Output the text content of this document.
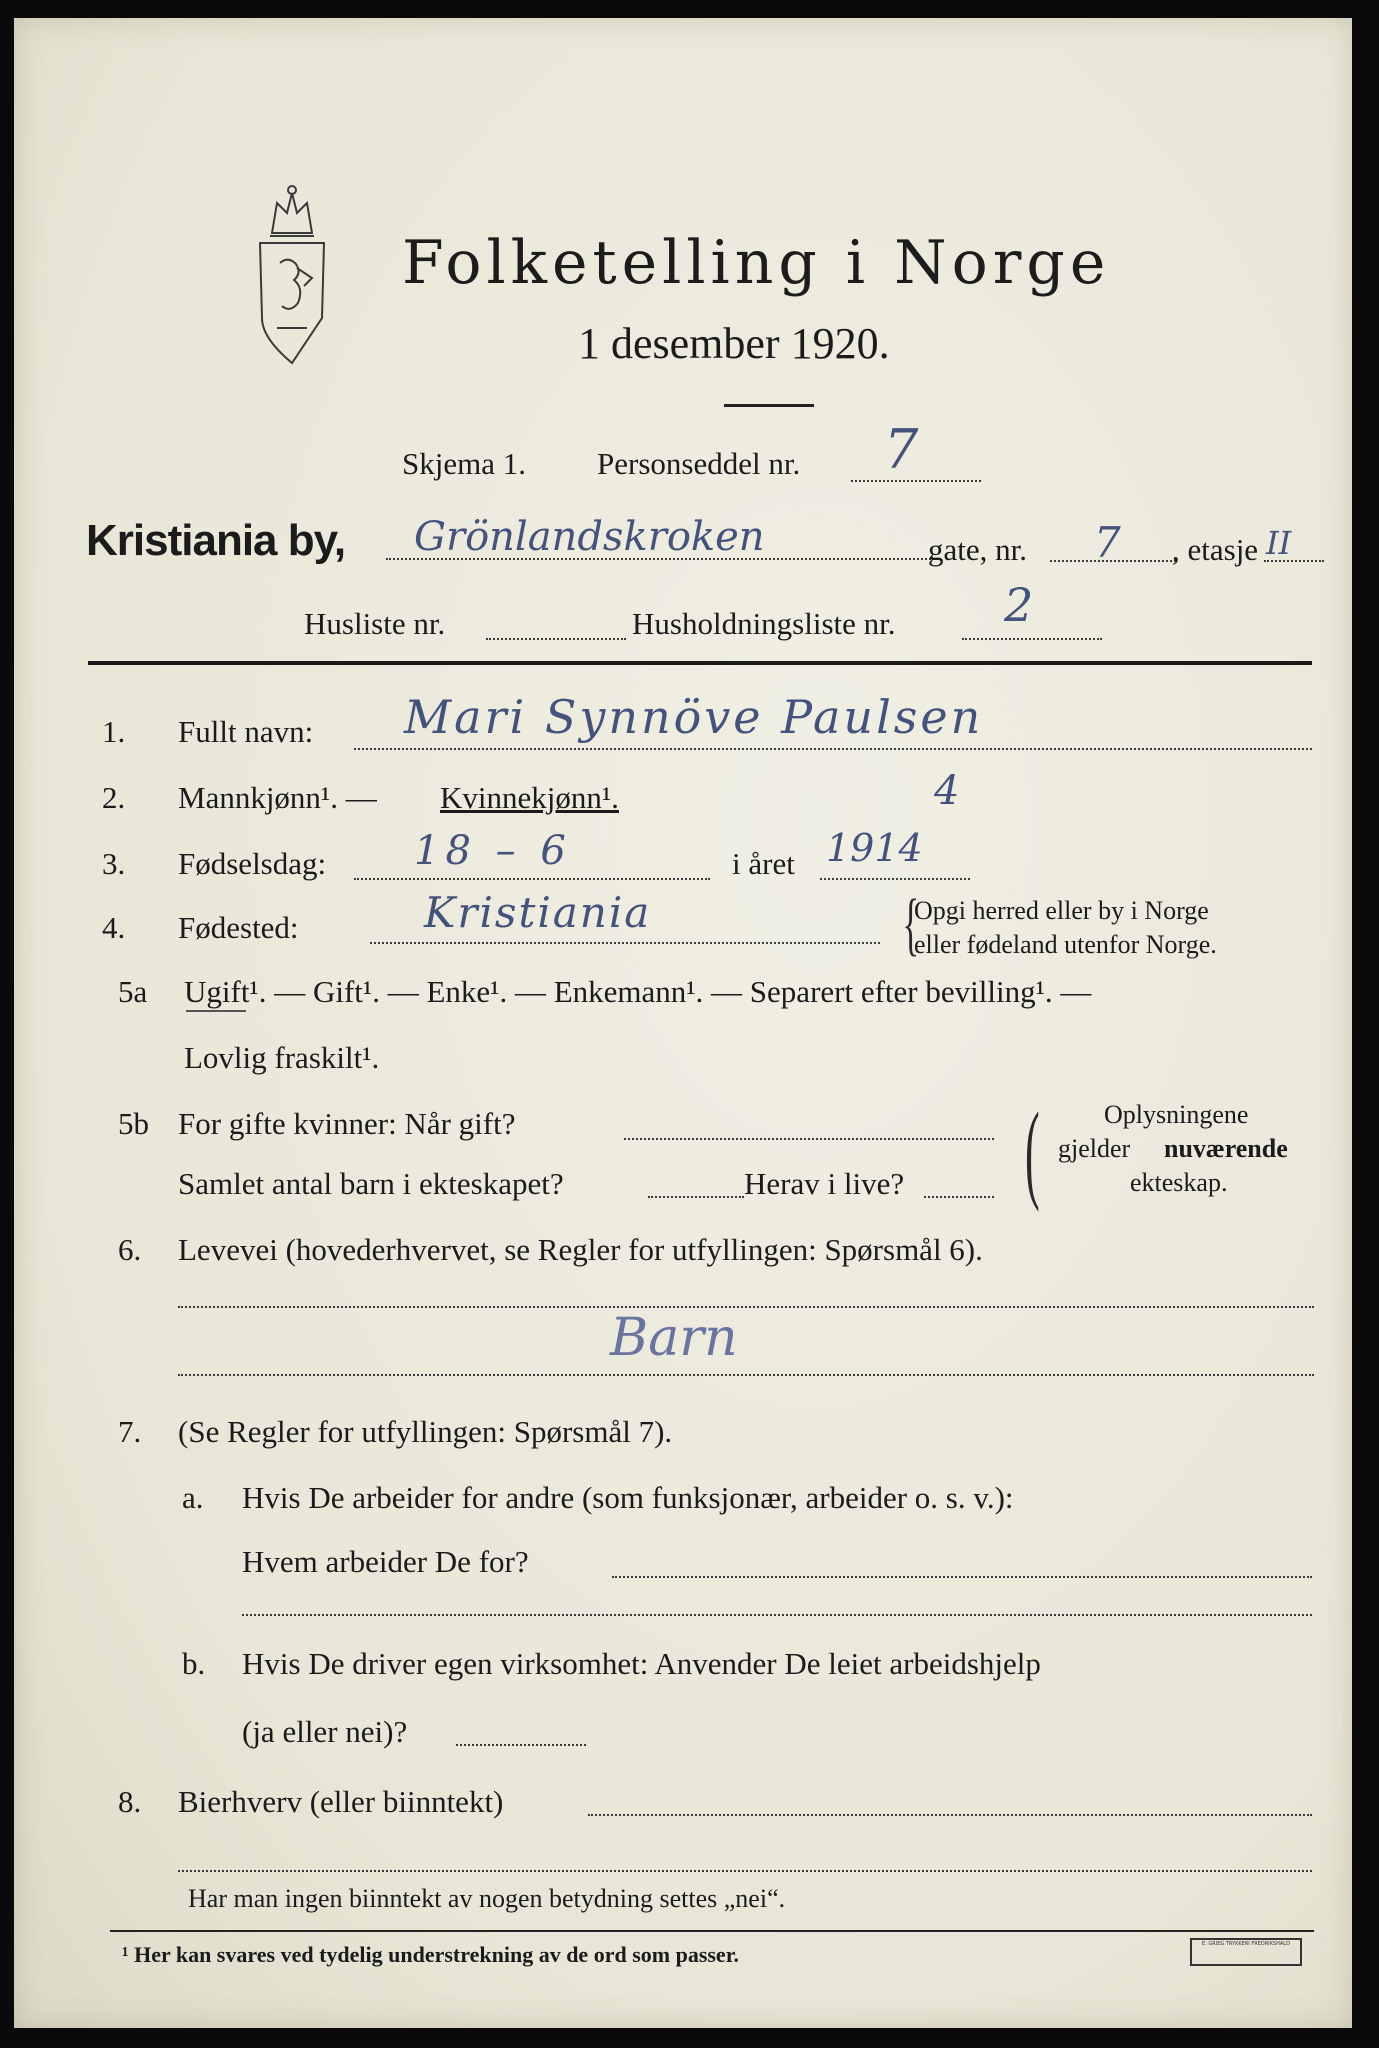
Folketelling i Norge
1 desember 1920.
Skjema 1. Personseddel nr. 7
Kristiania by, Grönlandskroken	gate, nr. 7 , etasje II
Husliste nr.	Husholdningsliste nr. 2
1. Fullt navn: Mari Synnöve Paulsen
2. Mannkjønn¹. — Kvinnekjønn¹.	4
3. Fødselsdag: 18 – 6	i året 1914
4. Fødested:	Kristiania	{
Opgi herred eller by i Norge
eller fødeland utenfor Norge.
5a Ugift¹. — Gift¹. — Enke¹. — Enkemann¹. — Separert efter bevilling¹. —
Lovlig fraskilt¹.
5b For gifte kvinner: Når gift?
Samlet antal barn i ekteskapet?	Herav i live? ( Oplysningene
gjelder nuværende
ekteskap.
6. Levevei (hovederhvervet, se Regler for utfyllingen: Spørsmål 6).
Barn
7. (Se Regler for utfyllingen: Spørsmål 7).
a. Hvis De arbeider for andre (som funksjonær, arbeider o. s. v.):
Hvem arbeider De for?
b. Hvis De driver egen virksomhet: Anvender De leiet arbeidshjelp
(ja eller nei)?
8. Bierhverv (eller biinntekt)
Har man ingen biinntekt av nogen betydning settes „nei“.
¹ Her kan svares ved tydelig understrekning av de ord som passer.	E. GRIEG TRYKKERI FREDRIKSHALD
